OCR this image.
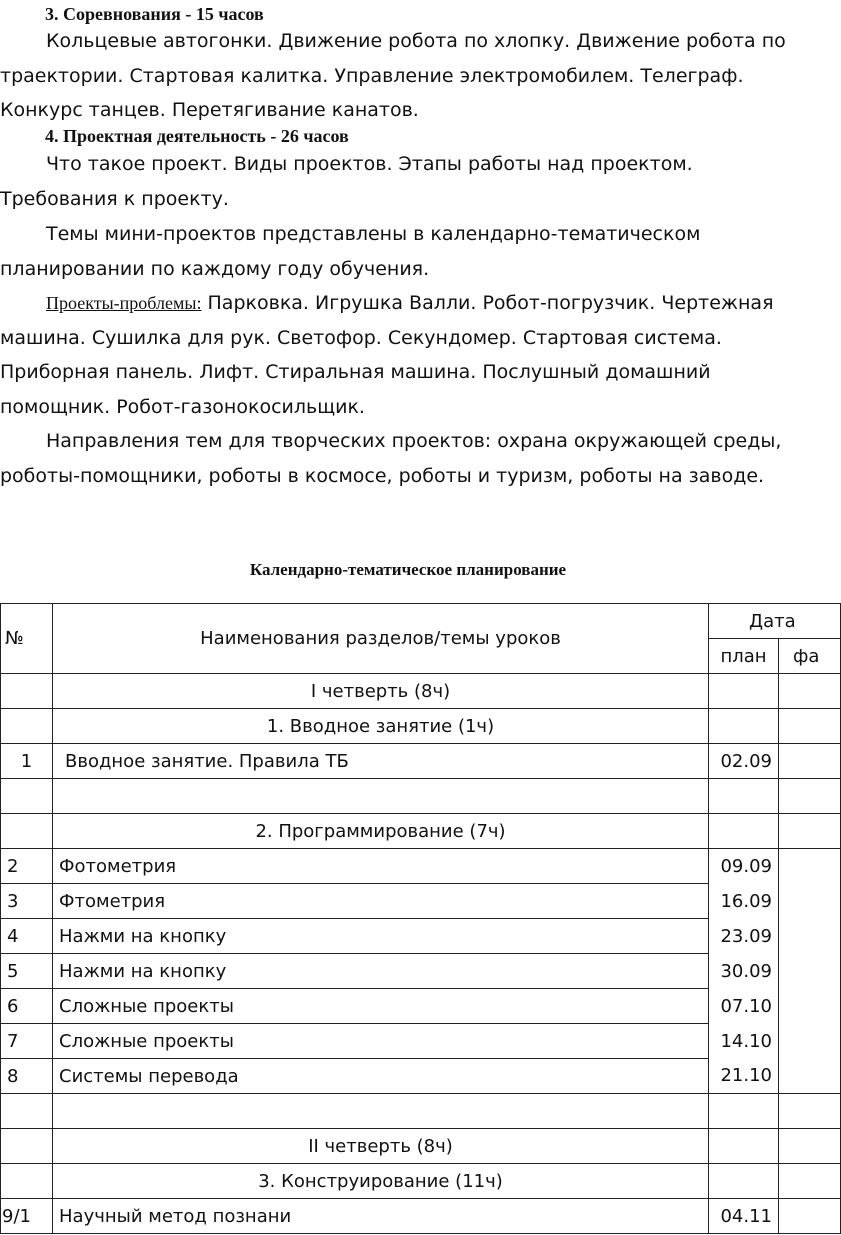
3. Соревнования - 15 часов

Кольцевые автогонки. Движение робота по хлопку. Движение робота по траектории. Стартовая калитка. Управление электромобилем. Телеграф. Конкурс танцев. Перетягивание канатов.

4. Проектная деятельность - 26 часов

Что такое проект. Виды проектов. Этапы работы над проектом. Требования к проекту.

Темы мини-проектов представлены в календарно-тематическом планировании по каждому году обучения.

Проекты-проблемы: Парковка. Игрушка Валли. Робот-погрузчик. Чертежная машина. Сушилка для рук. Светофор. Секундомер. Стартовая система. Приборная панель. Лифт. Стиральная машина. Послушный домашний помощник. Робот-газонокосильщик.

Направления тем для творческих проектов: охрана окружающей среды, роботы-помощники, роботы в космосе, роботы и туризм, роботы на заводе.

Календарно-тематическое планирование
№	Наименования разделов/темы уроков	Дата	
		план	фа
	I четверть (8ч)		
	1. Вводное занятие (1ч)		
1	Вводное занятие. Правила ТБ	02.09	

	2. Программирование (7ч)		
2	Фотометрия	09.09	
3	Фтометрия	16.09	
4	Нажми на кнопку	23.09	
5	Нажми на кнопку	30.09	
6	Сложные проекты	07.10	
7	Сложные проекты	14.10	
8	Системы перевода	21.10	

	II четверть (8ч)		
	3. Конструирование (11ч)		
9/1	Научный метод познани	04.11	
